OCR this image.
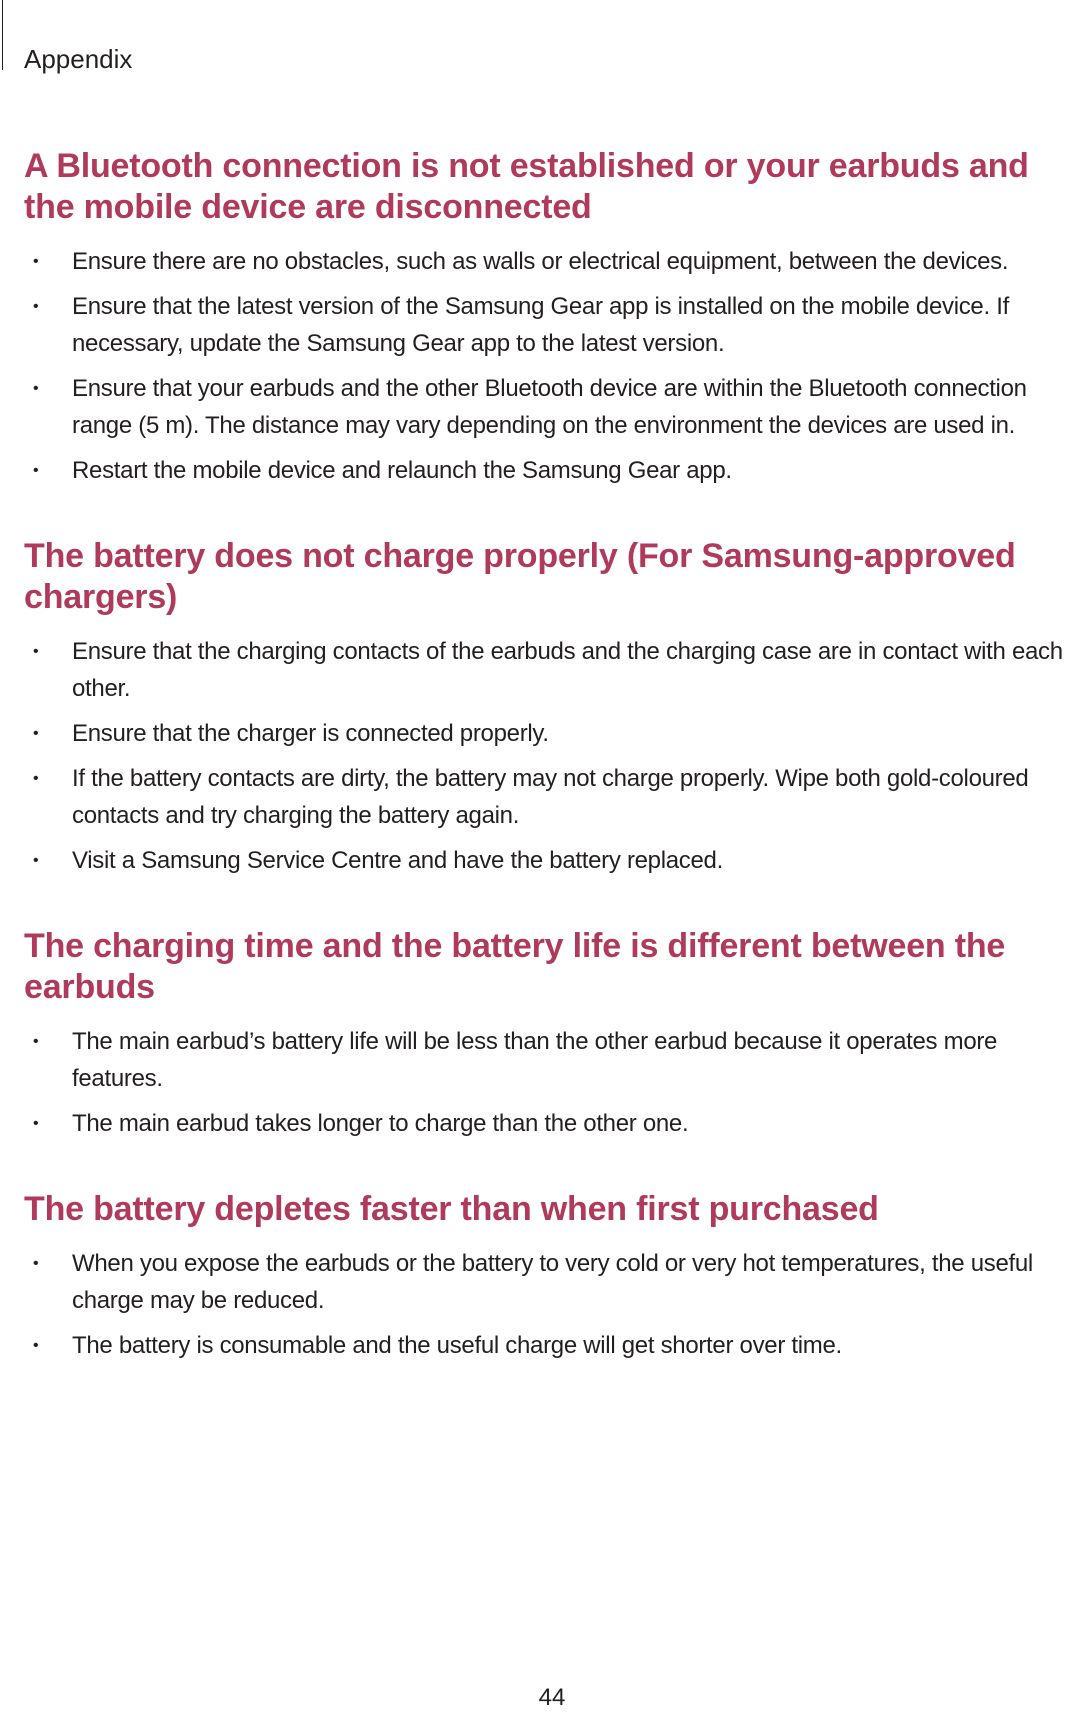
Appendix
A Bluetooth connection is not established or your earbuds and the mobile device are disconnected
• Ensure there are no obstacles, such as walls or electrical equipment, between the devices.
• Ensure that the latest version of the Samsung Gear app is installed on the mobile device. If necessary, update the Samsung Gear app to the latest version.
• Ensure that your earbuds and the other Bluetooth device are within the Bluetooth connection range (5 m). The distance may vary depending on the environment the devices are used in.
• Restart the mobile device and relaunch the Samsung Gear app.
The battery does not charge properly (For Samsung-approved chargers)
• Ensure that the charging contacts of the earbuds and the charging case are in contact with each other.
• Ensure that the charger is connected properly.
• If the battery contacts are dirty, the battery may not charge properly. Wipe both gold-coloured contacts and try charging the battery again.
• Visit a Samsung Service Centre and have the battery replaced.
The charging time and the battery life is different between the earbuds
• The main earbud’s battery life will be less than the other earbud because it operates more features.
• The main earbud takes longer to charge than the other one.
The battery depletes faster than when first purchased
• When you expose the earbuds or the battery to very cold or very hot temperatures, the useful charge may be reduced.
• The battery is consumable and the useful charge will get shorter over time.
44
